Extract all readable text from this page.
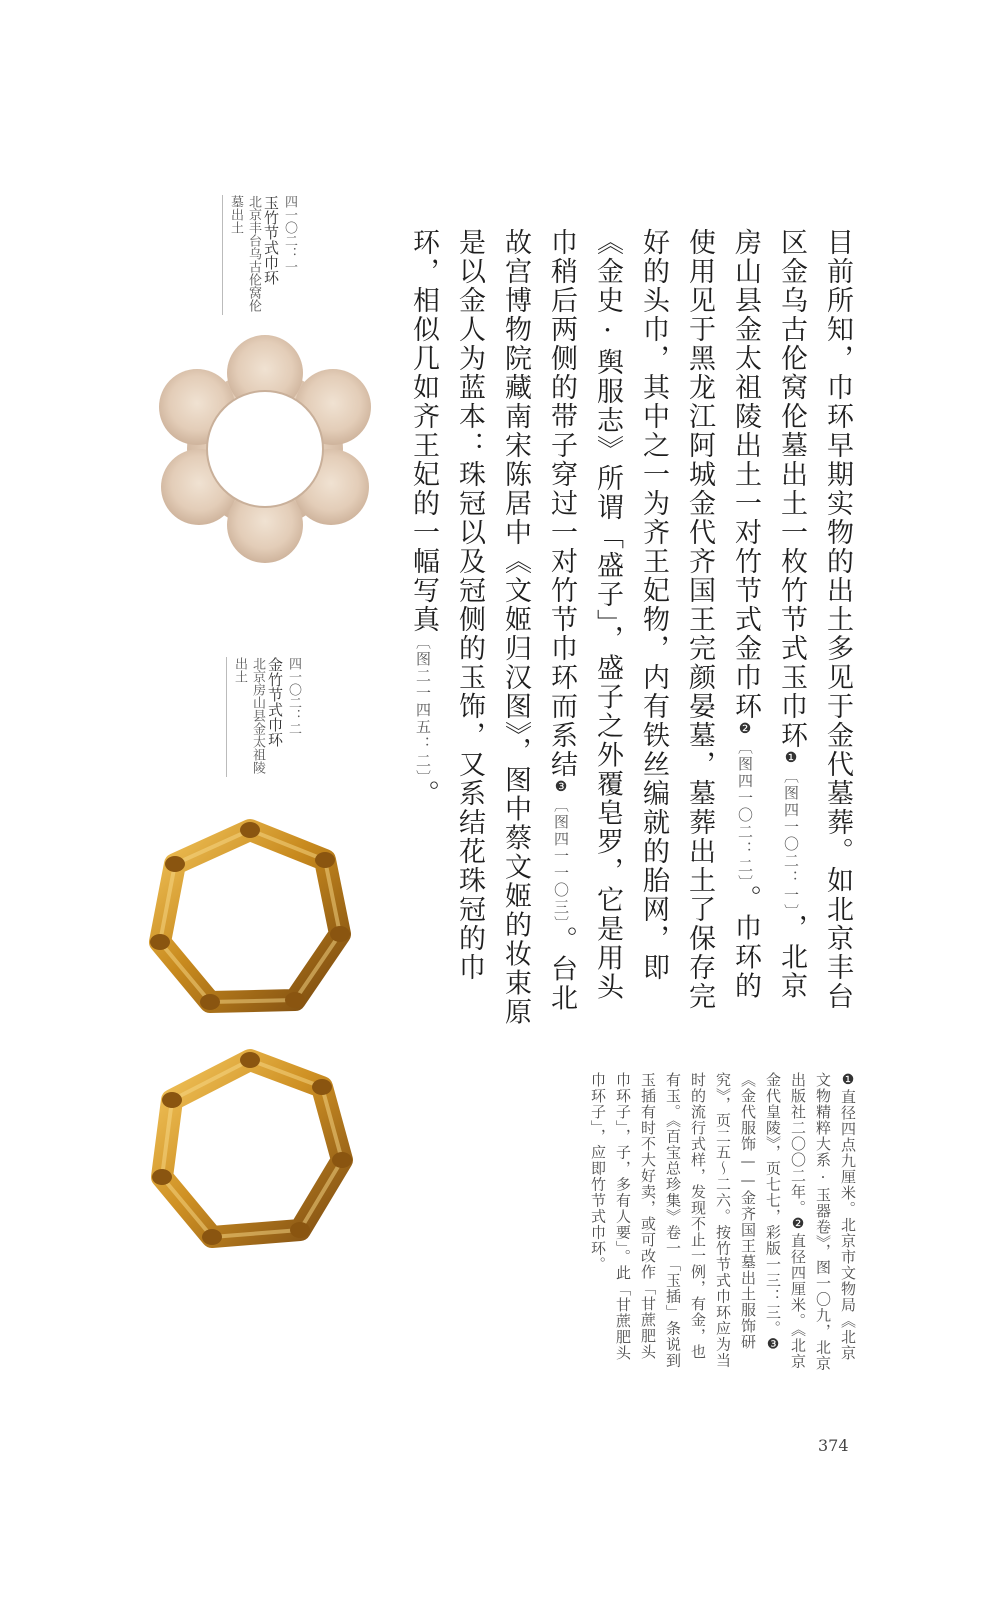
目前所知，巾环早期实物的出土多见于金代墓葬。如北京丰台区金乌古伦窝伦墓出土一枚竹节式玉巾环❶〔图四一〇二：一〕，北京房山县金太祖陵出土一对竹节式金巾环❷〔图四一〇二：二〕。巾环的使用见于黑龙江阿城金代齐国王完颜晏墓，墓葬出土了保存完好的头巾，其中之一为齐王妃物，内有铁丝编就的胎网，即《金史·舆服志》所谓「盛子」，盛子之外覆皂罗，它是用头巾稍后两侧的带子穿过一对竹节巾环而系结❸〔图四一一〇三〕。台北故宫博物院藏南宋陈居中《文姬归汉图》，图中蔡文姬的妆束原是以金人为蓝本：珠冠以及冠侧的玉饰，又系结花珠冠的巾环，相似几如齐王妃的一幅写真〔图二一四五：二〕。
❶直径四点九厘米。北京市文物局《北京文物精粹大系·玉器卷》，图一〇九，北京出版社二〇〇二年。❷直径四厘米。《北京金代皇陵》，页七七，彩版一三：三。❸《金代服饰——金齐国王墓出土服饰研究》，页二五～二六。按竹节式巾环应为当时的流行式样，发现不止一例，有金，也有玉。《百宝总珍集》卷一「玉插」条说到玉插有时不大好卖，或可改作「甘蔗肥头巾环子」，子，多有人要」。此「甘蔗肥头巾环子」，应即竹节式巾环。
四一〇二：一
玉竹节式巾环
北京丰台乌古伦窝伦墓出土
四一〇二：二
金竹节式巾环
北京房山县金太祖陵出土
374
